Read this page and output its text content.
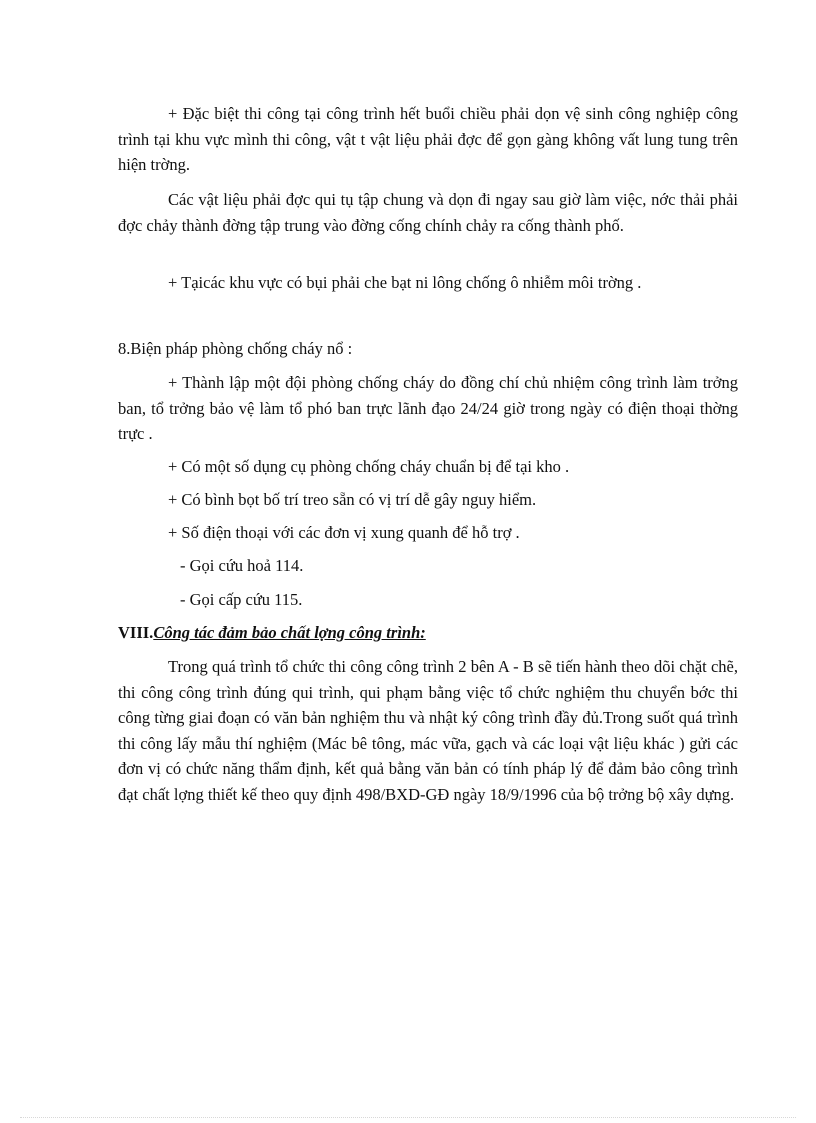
+ Đặc biệt thi công tại công trình hết buổi chiều phải dọn vệ sinh công nghiệp công trình tại khu vực mình thi công, vật t vật liệu phải đợc để gọn gàng không vất lung tung trên hiện trờng.

Các vật liệu phải đợc qui tụ tập chung và dọn đi ngay sau giờ làm việc, nớc thải phải đợc chảy thành đờng tập trung vào đờng cống chính chảy ra cống thành phố.

+ Tạicác khu vực có bụi phải che bạt ni lông chống ô nhiễm môi trờng .

8.Biện pháp phòng chống cháy nổ :

+ Thành lập một đội phòng chống cháy do đồng chí chủ nhiệm công trình làm trởng ban, tổ trởng bảo vệ làm tổ phó ban trực lãnh đạo 24/24 giờ trong ngày có điện thoại thờng trực .

+ Có một số dụng cụ phòng chống cháy chuẩn bị để tại kho .

+ Có bình bọt bố trí treo sẵn có vị trí dễ gây nguy hiểm.

+ Số điện thoại với các đơn vị xung quanh để hỗ trợ .

- Gọi cứu hoả 114.

- Gọi cấp cứu 115.

VIII.Công tác đảm bảo chất lợng công trình:

Trong quá trình tổ chức thi công công trình 2 bên A - B sẽ tiến hành theo dõi chặt chẽ, thi công công trình đúng qui trình, qui phạm bằng việc tổ chức nghiệm thu chuyển bớc thi công từng giai đoạn có văn bản nghiệm thu và nhật ký công trình đầy đủ.Trong suốt quá trình thi công lấy mẫu thí nghiệm (Mác bê tông, mác vữa, gạch và các loại vật liệu khác ) gửi các đơn vị có chức năng thẩm định, kết quả bằng văn bản có tính pháp lý để đảm bảo công trình đạt chất lợng thiết kế theo quy định 498/BXD-GĐ ngày 18/9/1996 của bộ trởng bộ xây dựng.
